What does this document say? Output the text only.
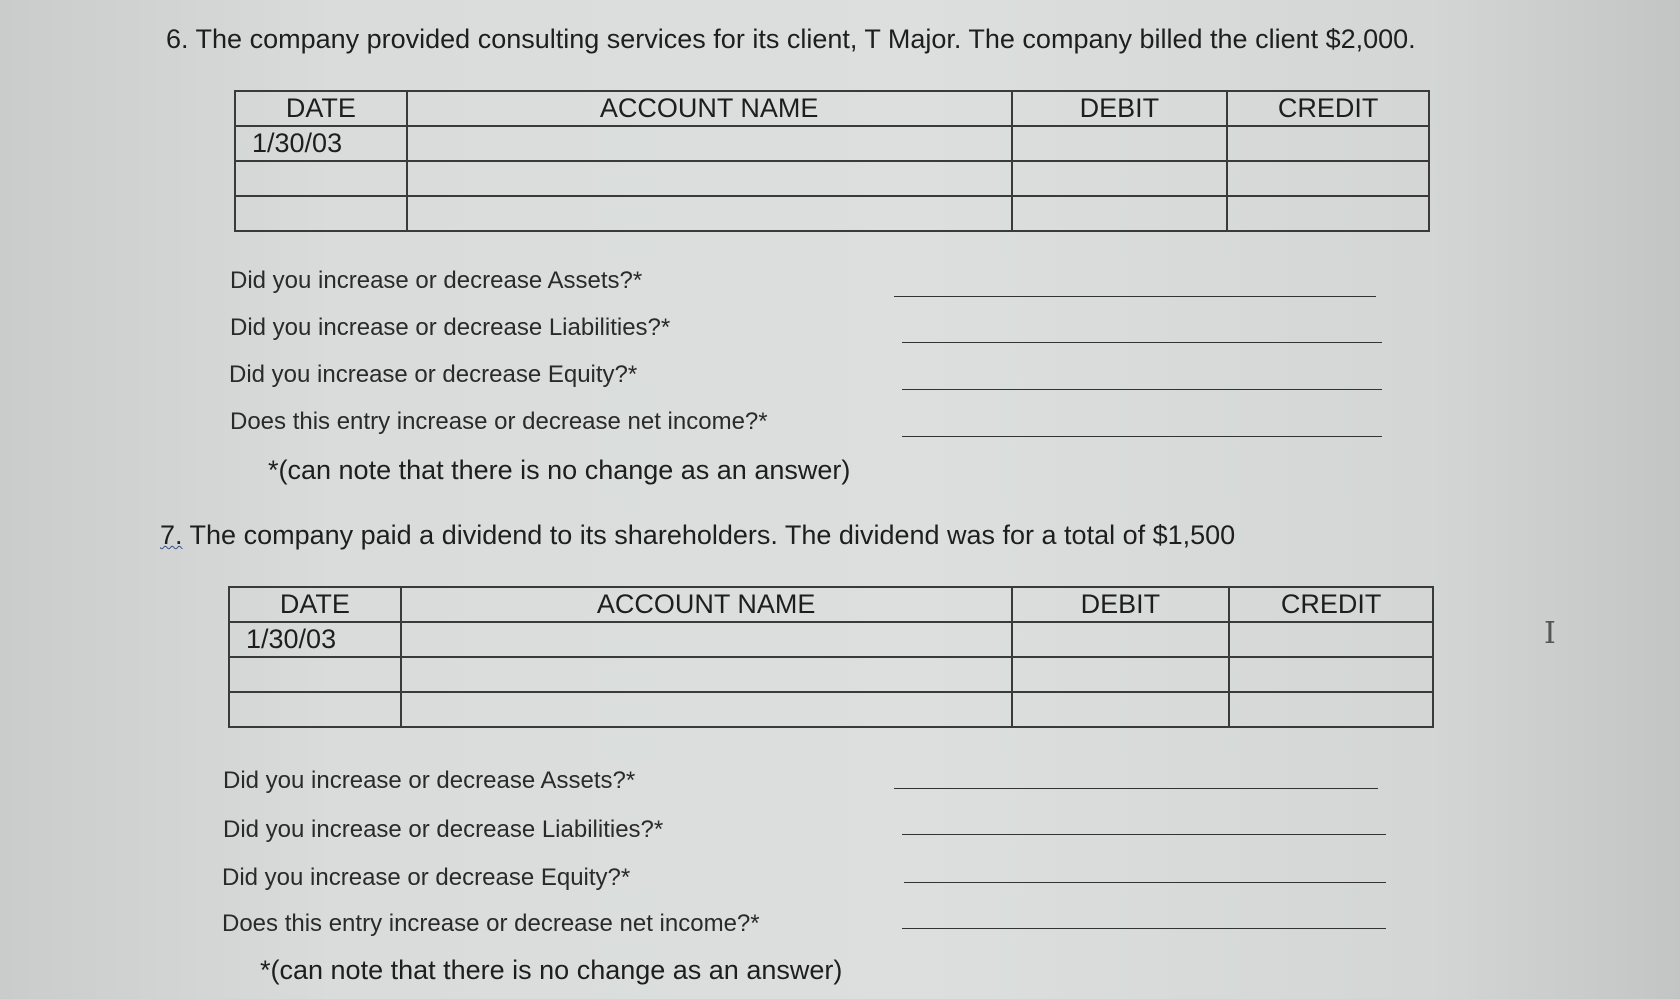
6. The company provided consulting services for its client, T Major. The company billed the client $2,000.
DATE	ACCOUNT NAME	DEBIT	CREDIT
1/30/03			

Did you increase or decrease Assets?*
Did you increase or decrease Liabilities?*
Did you increase or decrease Equity?*
Does this entry increase or decrease net income?*
*(can note that there is no change as an answer)
7. The company paid a dividend to its shareholders. The dividend was for a total of $1,500
DATE	ACCOUNT NAME	DEBIT	CREDIT
1/30/03			

Did you increase or decrease Assets?*
Did you increase or decrease Liabilities?*
Did you increase or decrease Equity?*
Does this entry increase or decrease net income?*
*(can note that there is no change as an answer)
I
